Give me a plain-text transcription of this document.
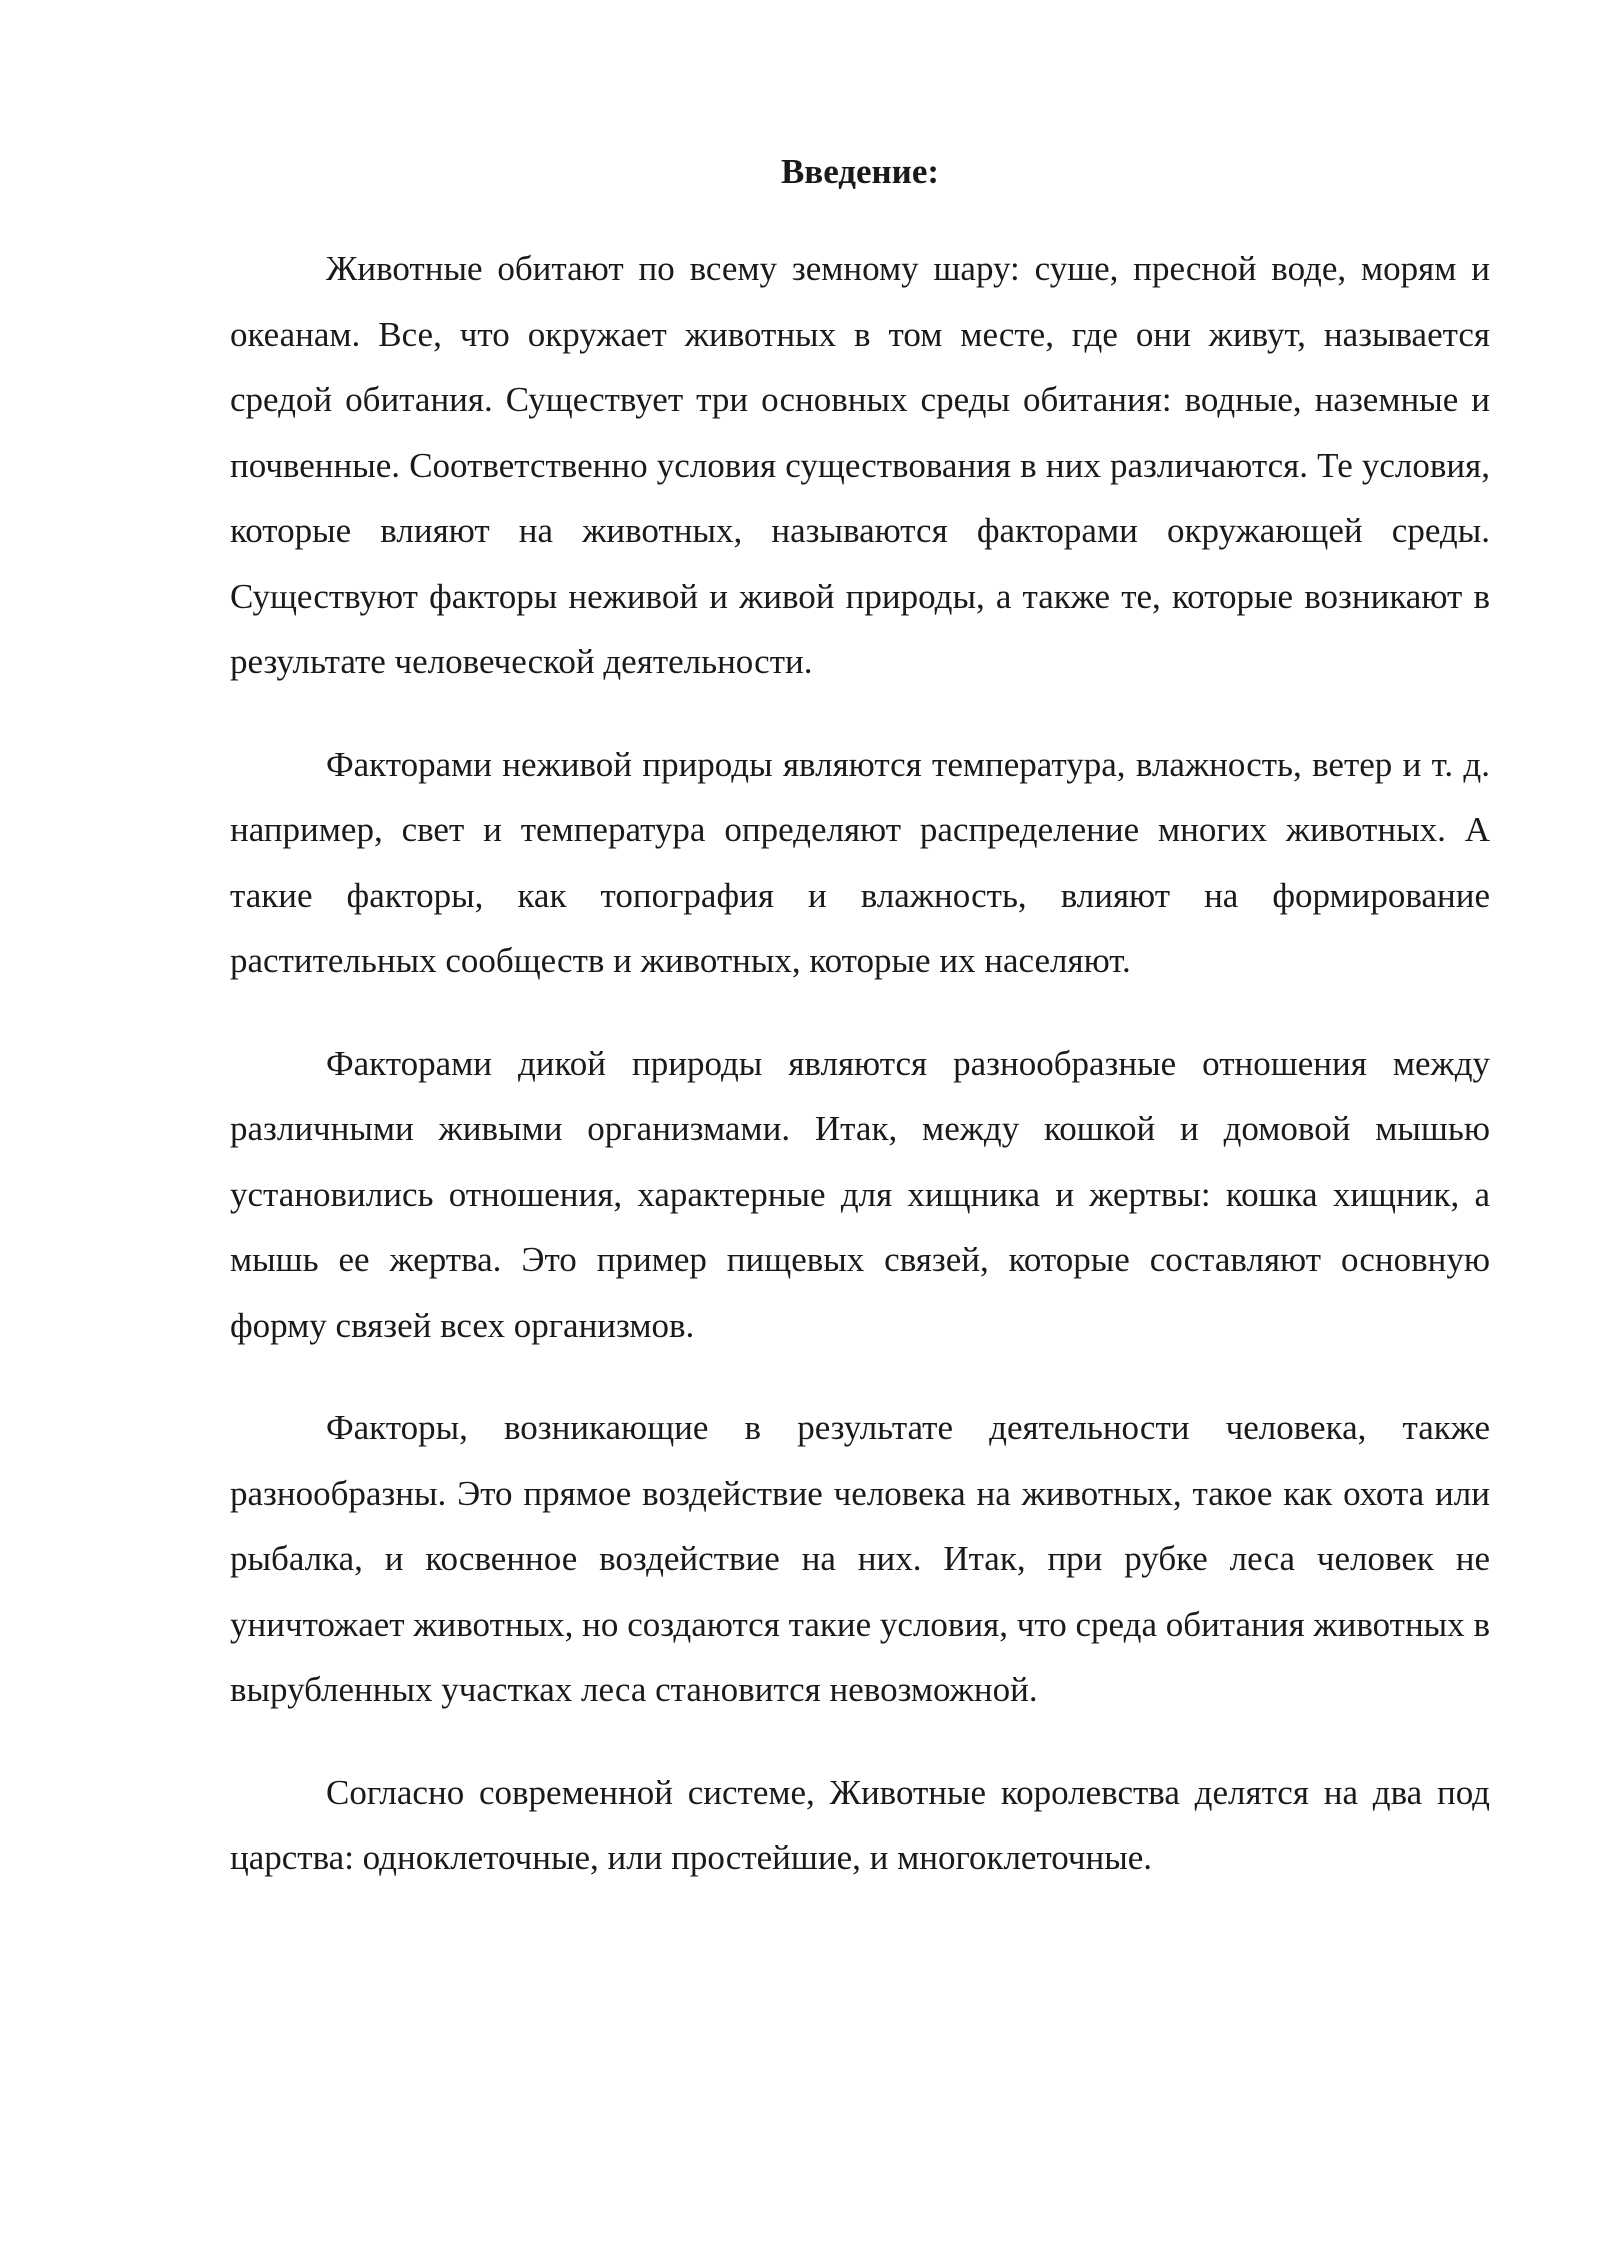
Введение:

Животные обитают по всему земному шару: суше, пресной воде, морям и океанам. Все, что окружает животных в том месте, где они живут, называется средой обитания. Существует три основных среды обитания: водные, наземные и почвенные. Соответственно условия существования в них различаются. Те условия, которые влияют на животных, называются факторами окружающей среды. Существуют факторы неживой и живой природы, а также те, которые возникают в результате человеческой деятельности.

Факторами неживой природы являются температура, влажность, ветер и т. д. например, свет и температура определяют распределение многих животных. А такие факторы, как топография и влажность, влияют на формирование растительных сообществ и животных, которые их населяют.

Факторами дикой природы являются разнообразные отношения между различными живыми организмами. Итак, между кошкой и домовой мышью установились отношения, характерные для хищника и жертвы: кошка хищник, а мышь ее жертва. Это пример пищевых связей, которые составляют основную форму связей всех организмов.

Факторы, возникающие в результате деятельности человека, также разнообразны. Это прямое воздействие человека на животных, такое как охота или рыбалка, и косвенное воздействие на них. Итак, при рубке леса человек не уничтожает животных, но создаются такие условия, что среда обитания животных в вырубленных участках леса становится невозможной.

Согласно современной системе, Животные королевства делятся на два под царства: одноклеточные, или простейшие, и многоклеточные.
